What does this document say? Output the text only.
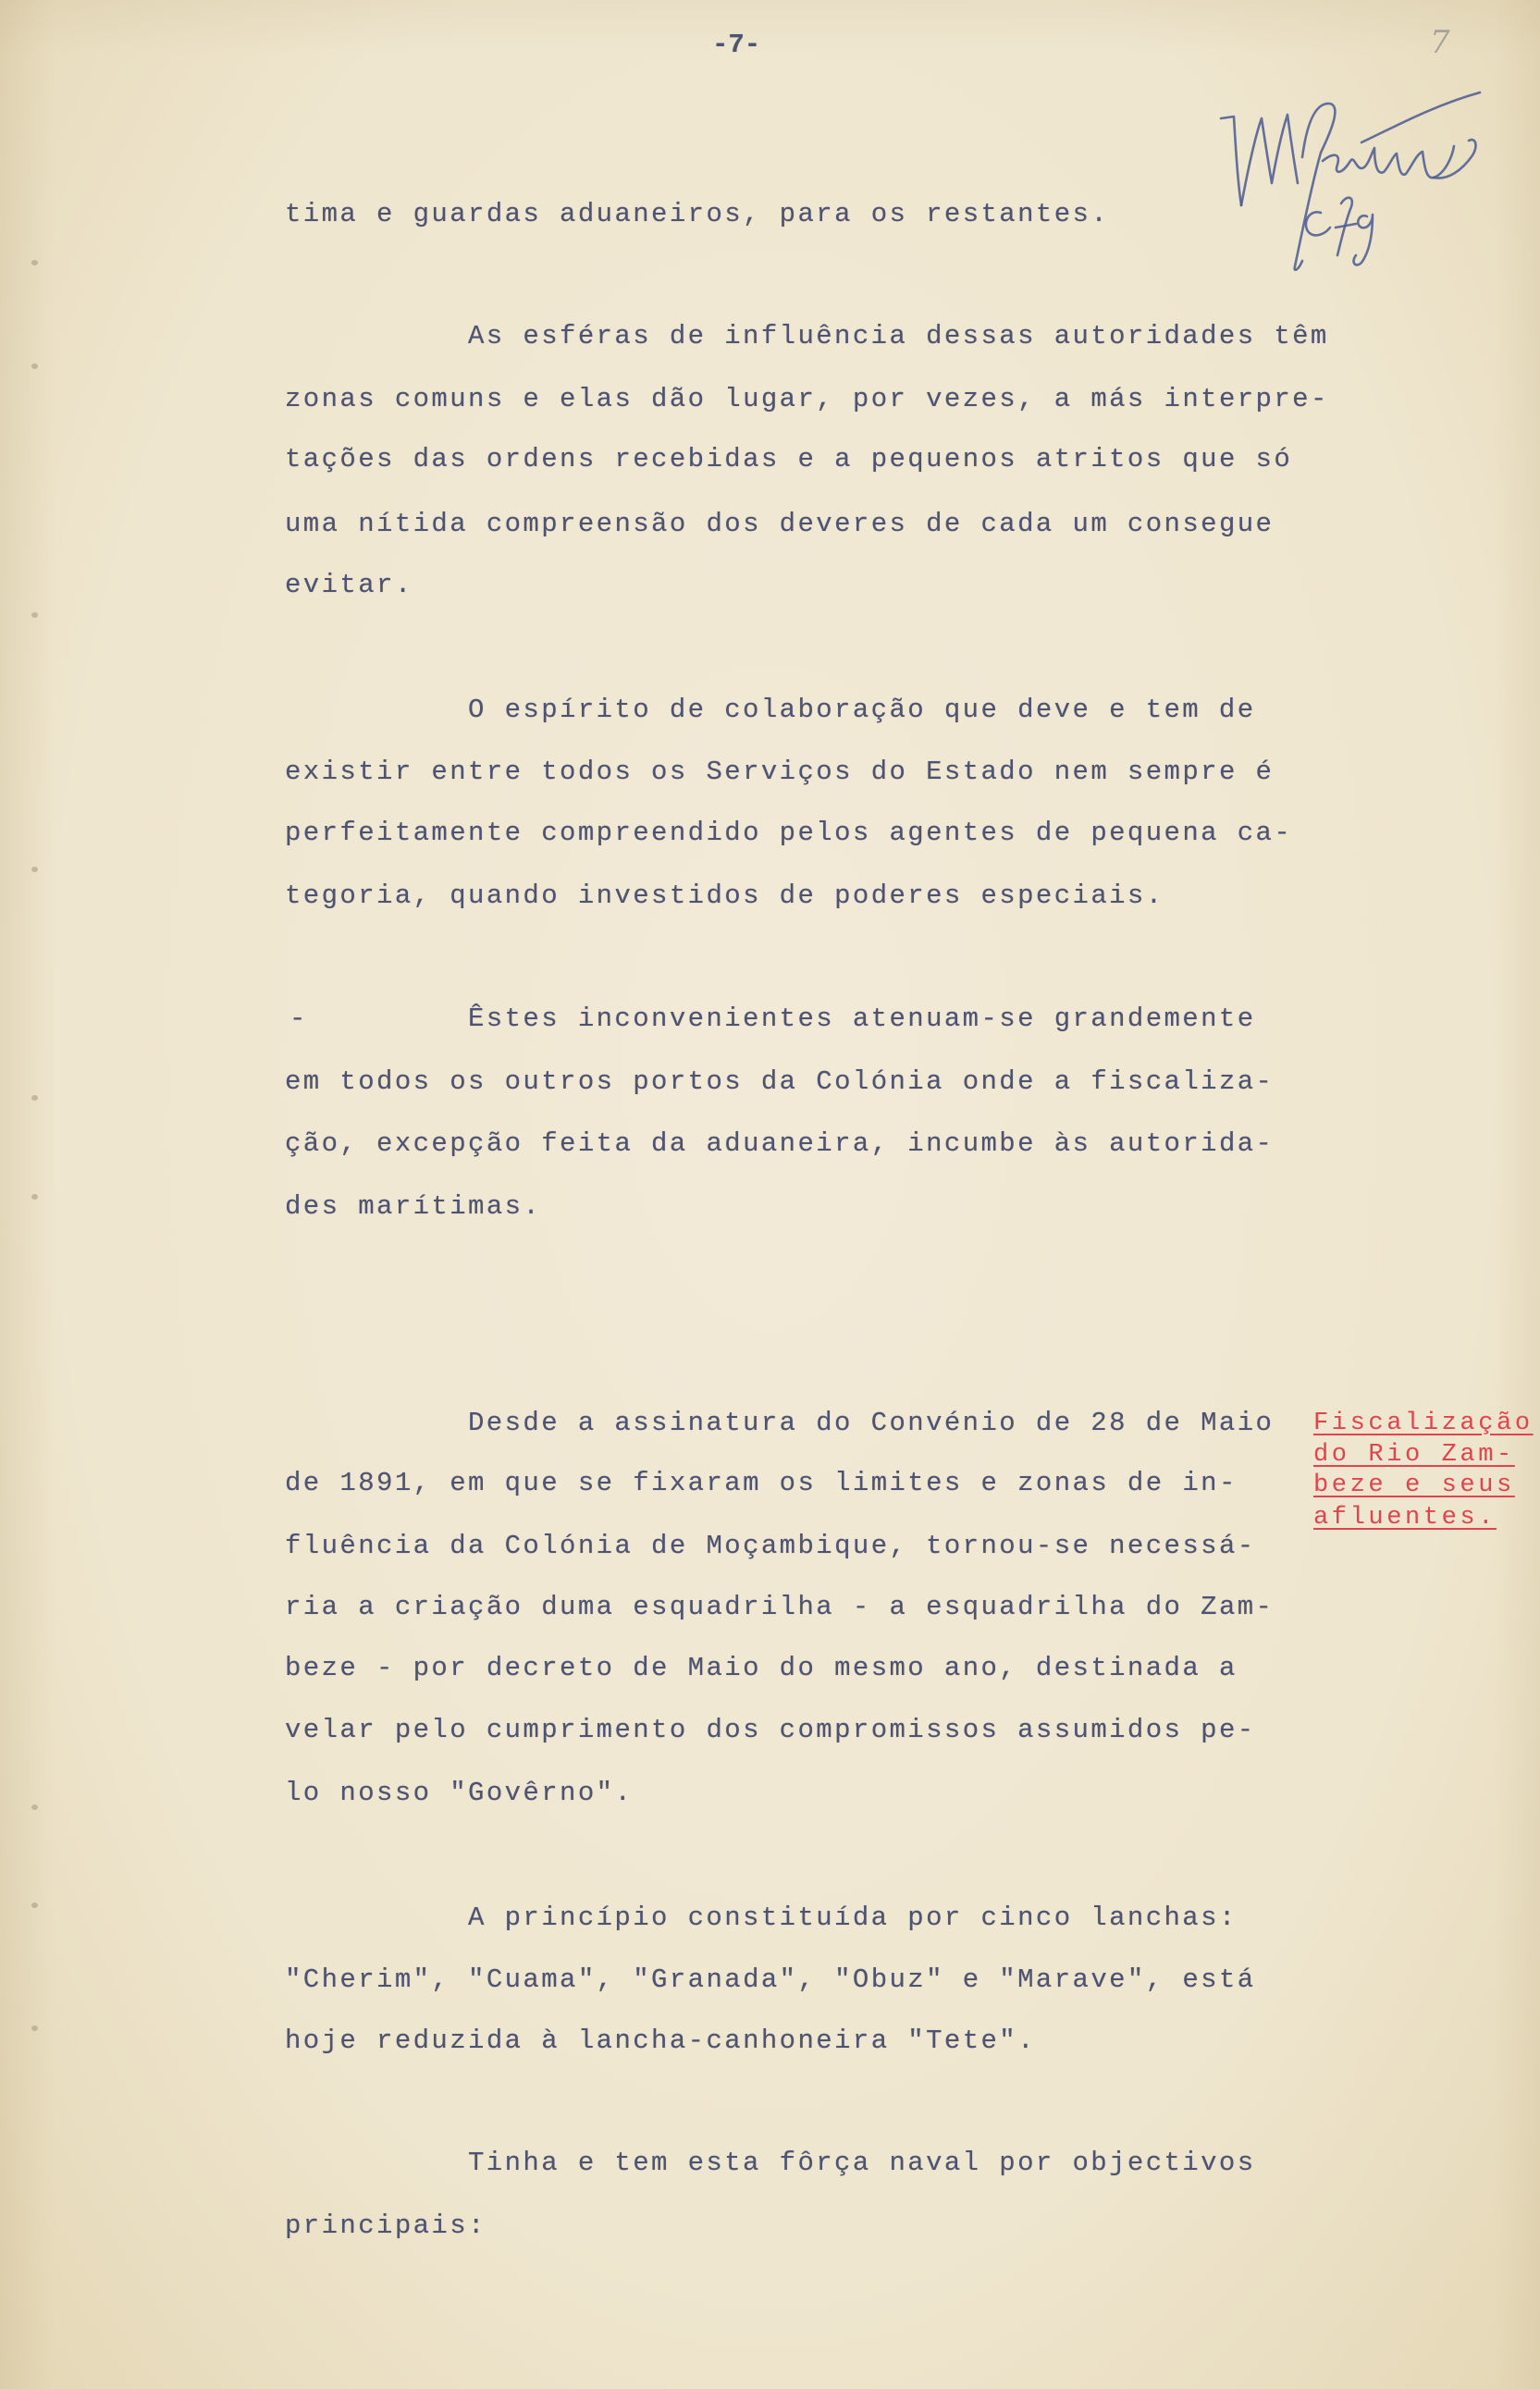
-7-	7
tima e guardas aduaneiros, para os restantes.
As esféras de influência dessas autoridades têm
zonas comuns e elas dão lugar, por vezes, a más interpre-
tações das ordens recebidas e a pequenos atritos que só
uma nítida compreensão dos deveres de cada um consegue
evitar.
O espírito de colaboração que deve e tem de
existir entre todos os Serviços do Estado nem sempre é
perfeitamente compreendido pelos agentes de pequena ca-
tegoria, quando investidos de poderes especiais.
-	Êstes inconvenientes atenuam-se grandemente
em todos os outros portos da Colónia onde a fiscaliza-
ção, excepção feita da aduaneira, incumbe às autorida-
des marítimas.
Desde a assinatura do Convénio de 28 de Maio
de 1891, em que se fixaram os limites e zonas de in-
fluência da Colónia de Moçambique, tornou-se necessá-
ria a criação duma esquadrilha - a esquadrilha do Zam-
beze - por decreto de Maio do mesmo ano, destinada a
velar pelo cumprimento dos compromissos assumidos pe-
lo nosso "Govêrno".
Fiscalização
do Rio Zam-
beze e seus
afluentes.
A princípio constituída por cinco lanchas:
"Cherim", "Cuama", "Granada", "Obuz" e "Marave", está
hoje reduzida à lancha-canhoneira "Tete".
Tinha e tem esta fôrça naval por objectivos
principais:
